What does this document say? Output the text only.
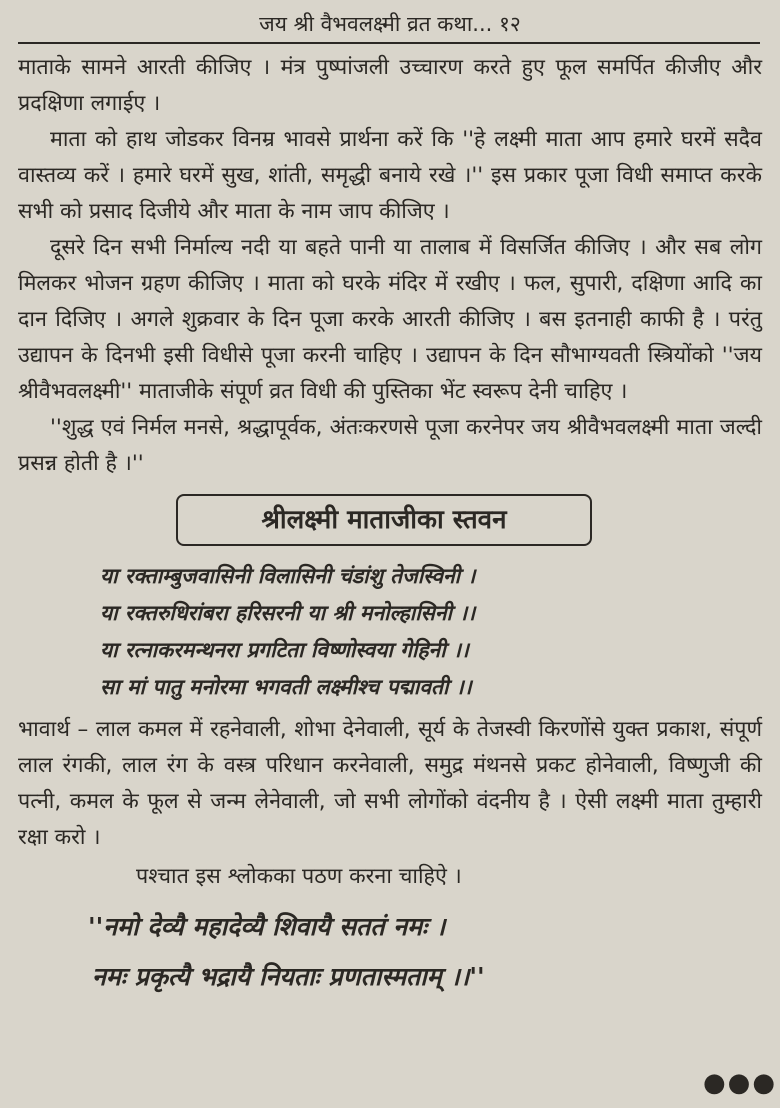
जय श्री वैभवलक्ष्मी व्रत कथा... १२

माताके सामने आरती कीजिए । मंत्र पुष्पांजली उच्चारण करते हुए फूल समर्पित कीजीए और प्रदक्षिणा लगाईए ।

माता को हाथ जोडकर विनम्र भावसे प्रार्थना करें कि ''हे लक्ष्मी माता आप हमारे घरमें सदैव वास्तव्य करें । हमारे घरमें सुख, शांती, समृद्धी बनाये रखे ।'' इस प्रकार पूजा विधी समाप्त करके सभी को प्रसाद दिजीये और माता के नाम जाप कीजिए ।

दूसरे दिन सभी निर्माल्य नदी या बहते पानी या तालाब में विसर्जित कीजिए । और सब लोग मिलकर भोजन ग्रहण कीजिए । माता को घरके मंदिर में रखीए । फल, सुपारी, दक्षिणा आदि का दान दिजिए । अगले शुक्रवार के दिन पूजा करके आरती कीजिए । बस इतनाही काफी है । परंतु उद्यापन के दिनभी इसी विधीसे पूजा करनी चाहिए । उद्यापन के दिन सौभाग्यवती स्त्रियोंको ''जय श्रीवैभवलक्ष्मी'' माताजीके संपूर्ण व्रत विधी की पुस्तिका भेंट स्वरूप देनी चाहिए ।

''शुद्ध एवं निर्मल मनसे, श्रद्धापूर्वक, अंतःकरणसे पूजा करनेपर जय श्रीवैभवलक्ष्मी माता जल्दी प्रसन्न होती है ।''

श्रीलक्ष्मी माताजीका स्तवन

या रक्ताम्बुजवासिनी विलासिनी चंडांशु तेजस्विनी ।

या रक्तरुधिरांबरा हरिसरनी या श्री मनोल्हासिनी ।।

या रत्नाकरमन्थनरा प्रगटिता विष्णोस्वया गेहिनी ।।

सा मां पातु मनोरमा भगवती लक्ष्मीश्च पद्मावती ।।

भावार्थ – लाल कमल में रहनेवाली, शोभा देनेवाली, सूर्य के तेजस्वी किरणोंसे युक्त प्रकाश, संपूर्ण लाल रंगकी, लाल रंग के वस्त्र परिधान करनेवाली, समुद्र मंथनसे प्रकट होनेवाली, विष्णुजी की पत्नी, कमल के फूल से जन्म लेनेवाली, जो सभी लोगोंको वंदनीय है । ऐसी लक्ष्मी माता तुम्हारी रक्षा करो ।

पश्चात इस श्लोकका पठण करना चाहिऐ ।

''नमो देव्यै महादेव्यै शिवायै सततं नमः ।

नमः प्रकृत्यै भद्रायै नियताः प्रणतास्मताम् ।।''

●●●
